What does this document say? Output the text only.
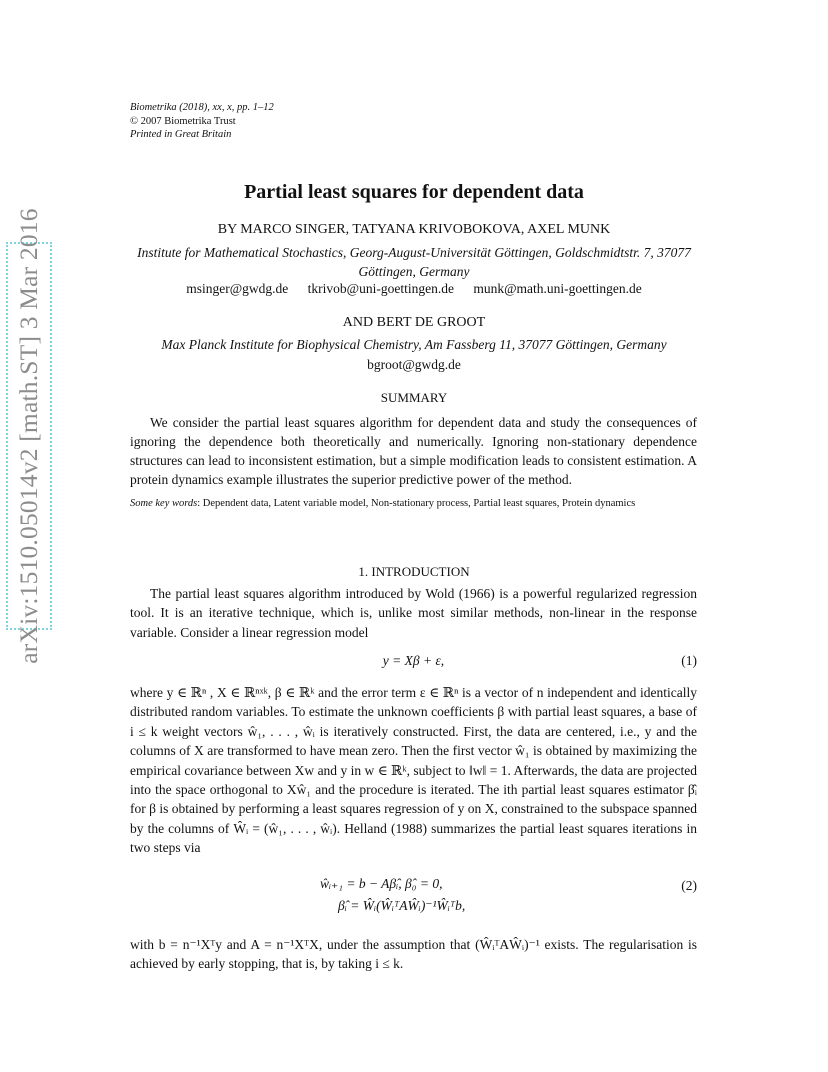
Biometrika (2018), xx, x, pp. 1–12
© 2007 Biometrika Trust
Printed in Great Britain
arXiv:1510.05014v2 [math.ST] 3 Mar 2016
Partial least squares for dependent data
BY MARCO SINGER, TATYANA KRIVOBOKOVA, AXEL MUNK
Institute for Mathematical Stochastics, Georg-August-Universität Göttingen, Goldschmidtstr. 7, 37077 Göttingen, Germany
msinger@gwdg.de tkrivob@uni-goettingen.de munk@math.uni-goettingen.de
AND BERT DE GROOT
Max Planck Institute for Biophysical Chemistry, Am Fassberg 11, 37077 Göttingen, Germany
bgroot@gwdg.de
SUMMARY
We consider the partial least squares algorithm for dependent data and study the consequences of ignoring the dependence both theoretically and numerically. Ignoring non-stationary dependence structures can lead to inconsistent estimation, but a simple modification leads to consistent estimation. A protein dynamics example illustrates the superior predictive power of the method.
Some key words: Dependent data, Latent variable model, Non-stationary process, Partial least squares, Protein dynamics
1. INTRODUCTION
The partial least squares algorithm introduced by Wold (1966) is a powerful regularized regression tool. It is an iterative technique, which is, unlike most similar methods, non-linear in the response variable. Consider a linear regression model
y = Xβ + ε,	(1)
where y ∈ ℝⁿ , X ∈ ℝⁿˣᵏ, β ∈ ℝᵏ and the error term ε ∈ ℝⁿ is a vector of n independent and identically distributed random variables. To estimate the unknown coefficients β with partial least squares, a base of i ≤ k weight vectors ŵ₁, . . . , ŵᵢ is iteratively constructed. First, the data are centered, i.e., y and the columns of X are transformed to have mean zero. Then the first vector ŵ₁ is obtained by maximizing the empirical covariance between Xw and y in w ∈ ℝᵏ, subject to ‖w‖ = 1. Afterwards, the data are projected into the space orthogonal to Xŵ₁ and the procedure is iterated. The ith partial least squares estimator β̂ᵢ for β is obtained by performing a least squares regression of y on X, constrained to the subspace spanned by the columns of Ŵᵢ = (ŵ₁, . . . , ŵᵢ). Helland (1988) summarizes the partial least squares iterations in two steps via
ŵᵢ₊₁ = b − Aβ̂ᵢ, β̂₀ = 0,
β̂ᵢ = Ŵᵢ(ŴᵢᵀAŴᵢ)⁻¹Ŵᵢᵀb,
(2)
with b = n⁻¹Xᵀy and A = n⁻¹XᵀX, under the assumption that (ŴᵢᵀAŴᵢ)⁻¹ exists. The regularisation is achieved by early stopping, that is, by taking i ≤ k.
